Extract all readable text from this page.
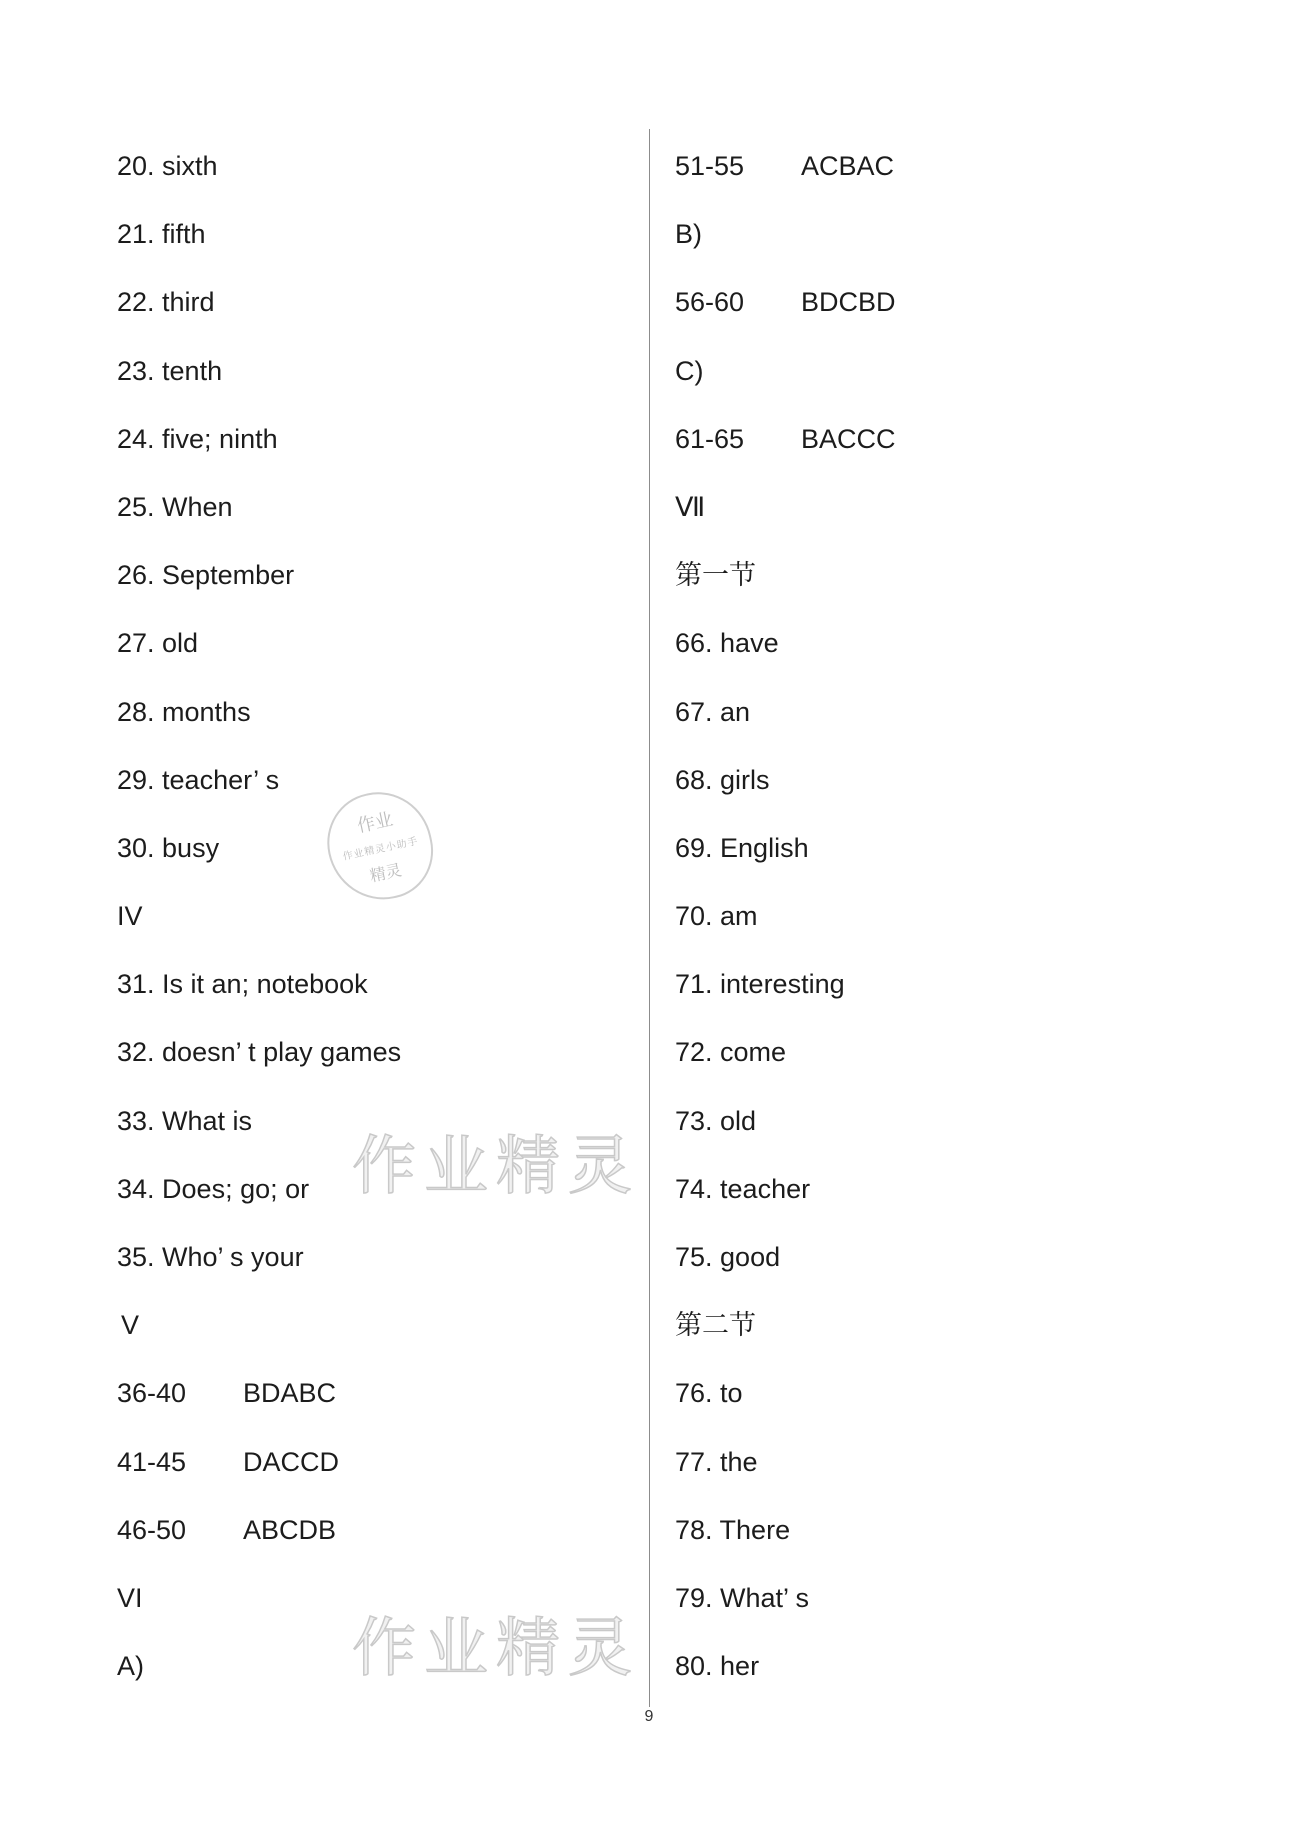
20. sixth
21. fifth
22. third
23. tenth
24. five; ninth
25. When
26. September
27. old
28. months
29. teacher’ s
30. busy
IV
31. Is it an; notebook
32. doesn’ t play games
33. What is
34. Does; go; or
35. Who’ s your
V
36-40 BDABC
41-45 DACCD
46-50 ABCDB
VI
A)
51-55 ACBAC
B)
56-60 BDCBD
C)
61-65 BACCC
Ⅶ
第一节
66. have
67. an
68. girls
69. English
70. am
71. interesting
72. come
73. old
74. teacher
75. good
第二节
76. to
77. the
78. There
79. What’ s
80. her
作业
作业精灵小助手
精灵
作业精灵
作业精灵
9
